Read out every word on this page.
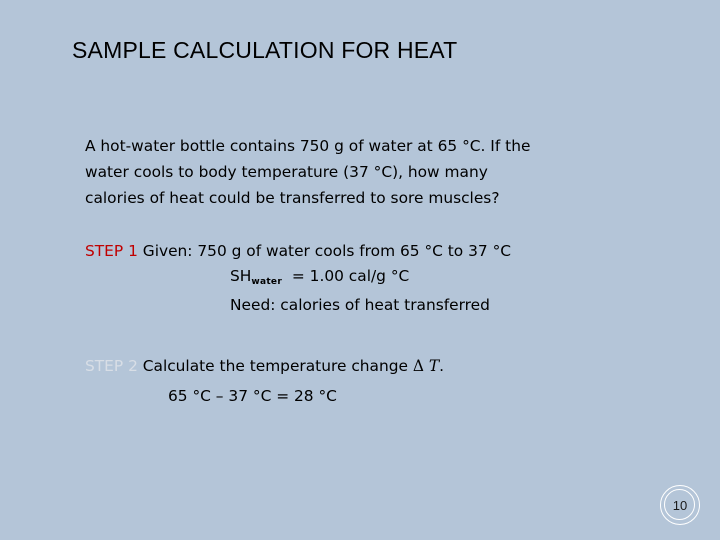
SAMPLE CALCULATION FOR HEAT
A hot-water bottle contains 750 g of water at 65 °C. If the
water cools to body temperature (37 °C), how many
calories of heat could be transferred to sore muscles?
STEP 1 Given: 750 g of water cools from 65 °C to 37 °C
$SH_{water} = 1.00$ cal/g °C
Need: calories of heat transferred
STEP 2 Calculate the temperature change Δ T.
65 °C – 37 °C = 28 °C
10
